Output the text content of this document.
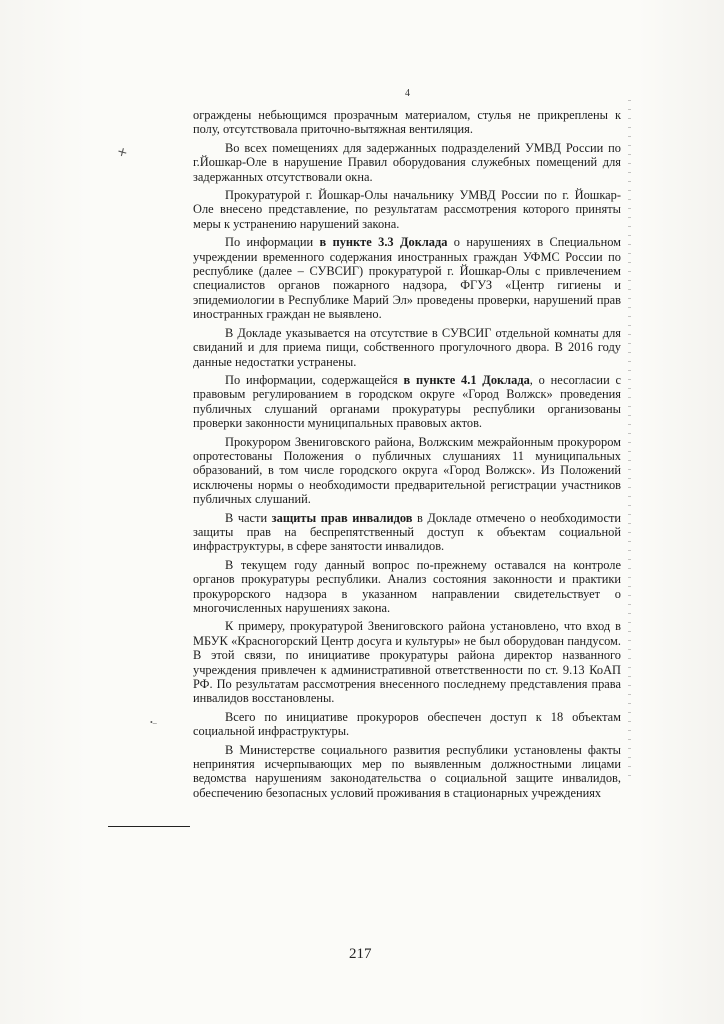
✕
•–
4

ограждены небьющимся прозрачным материалом, стулья не прикреплены к полу, отсутствовала приточно-вытяжная вентиляция.

Во всех помещениях для задержанных подразделений УМВД России по г.Йошкар-Оле в нарушение Правил оборудования служебных помещений для задержанных отсутствовали окна.

Прокуратурой г. Йошкар-Олы начальнику УМВД России по г. Йошкар-Оле внесено представление, по результатам рассмотрения которого приняты меры к устранению нарушений закона.

По информации в пункте 3.3 Доклада о нарушениях в Специальном учреждении временного содержания иностранных граждан УФМС России по республике (далее – СУВСИГ) прокуратурой г. Йошкар-Олы с привлечением специалистов органов пожарного надзора, ФГУЗ «Центр гигиены и эпидемиологии в Республике Марий Эл» проведены проверки, нарушений прав иностранных граждан не выявлено.

В Докладе указывается на отсутствие в СУВСИГ отдельной комнаты для свиданий и для приема пищи, собственного прогулочного двора. В 2016 году данные недостатки устранены.

По информации, содержащейся в пункте 4.1 Доклада, о несогласии с правовым регулированием в городском округе «Город Волжск» проведения публичных слушаний органами прокуратуры республики организованы проверки законности муниципальных правовых актов.

Прокурором Звениговского района, Волжским межрайонным прокурором опротестованы Положения о публичных слушаниях 11 муниципальных образований, в том числе городского округа «Город Волжск». Из Положений исключены нормы о необходимости предварительной регистрации участников публичных слушаний.

В части защиты прав инвалидов в Докладе отмечено о необходимости защиты прав на беспрепятственный доступ к объектам социальной инфраструктуры, в сфере занятости инвалидов.

В текущем году данный вопрос по-прежнему оставался на контроле органов прокуратуры республики. Анализ состояния законности и практики прокурорского надзора в указанном направлении свидетельствует о многочисленных нарушениях закона.

К примеру, прокуратурой Звениговского района установлено, что вход в МБУК «Красногорский Центр досуга и культуры» не был оборудован пандусом. В этой связи, по инициативе прокуратуры района директор названного учреждения привлечен к административной ответственности по ст. 9.13 КоАП РФ. По результатам рассмотрения внесенного последнему представления права инвалидов восстановлены.

Всего по инициативе прокуроров обеспечен доступ к 18 объектам социальной инфраструктуры.

В Министерстве социального развития республики установлены факты непринятия исчерпывающих мер по выявленным должностными лицами ведомства нарушениям законодательства о социальной защите инвалидов, обеспечению безопасных условий проживания в стационарных учреждениях

217
